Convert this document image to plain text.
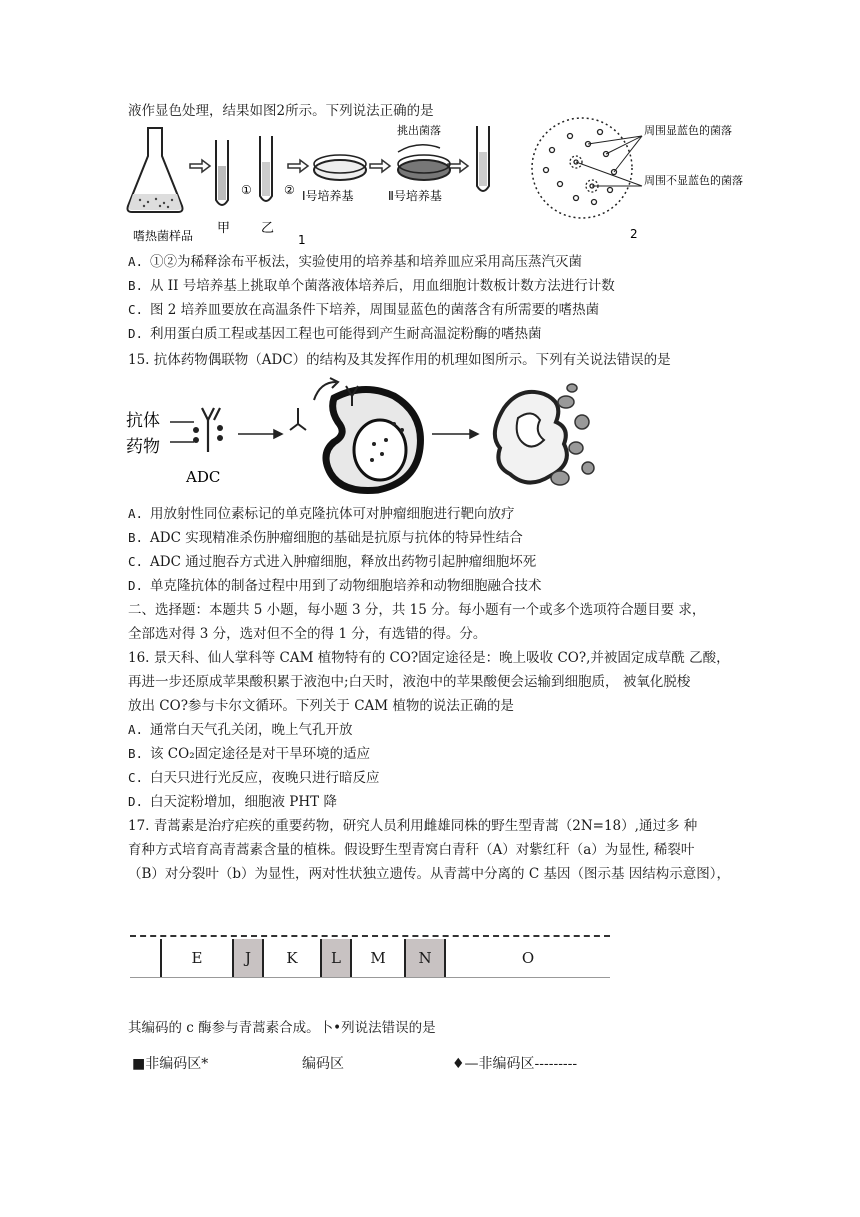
液作显色处理，结果如图2所示。下列说法正确的是
嗜热菌样品 甲 乙
①	② Ⅰ号培养基	Ⅱ号培养基
挑出菌落
1
周围显蓝色的菌落
周围不显蓝色的菌落
2
A. ①②为稀释涂布平板法，实验使用的培养基和培养皿应采用高压蒸汽灭菌
B. 从 II 号培养基上挑取单个菌落液体培养后，用血细胞计数板计数方法进行计数
C. 图 2 培养皿要放在高温条件下培养，周围显蓝色的菌落含有所需要的嗜热菌
D. 利用蛋白质工程或基因工程也可能得到产生耐高温淀粉酶的嗜热菌
15. 抗体药物偶联物（ADC）的结构及其发挥作用的机理如图所示。下列有关说法错误的是
抗体
药物
ADC
A. 用放射性同位素标记的单克隆抗体可对肿瘤细胞进行靶向放疗
B. ADC 实现精准杀伤肿瘤细胞的基础是抗原与抗体的特异性结合
C. ADC 通过胞吞方式进入肿瘤细胞，释放出药物引起肿瘤细胞坏死
D. 单克隆抗体的制备过程中用到了动物细胞培养和动物细胞融合技术
二、选择题：本题共 5 小题，每小题 3 分，共 15 分。每小题有一个或多个选项符合题目要 求，
全部选对得 3 分，选对但不全的得 1 分，有选错的得。分。
16. 景天科、仙人掌科等 CAM 植物特有的 CO?固定途径是：晚上吸收 CO?,并被固定成草酰 乙酸，
再进一步还原成苹果酸积累于液泡中;白天时，液泡中的苹果酸便会运输到细胞质， 被氧化脱梭
放出 CO?参与卡尔文循环。下列关于 CAM 植物的说法正确的是
A. 通常白天气孔关闭，晚上气孔开放
B. 该 CO₂固定途径是对干旱环境的适应
C. 白天只进行光反应，夜晚只进行暗反应
D. 白天淀粉增加，细胞液 PHT 降
17. 青蒿素是治疗疟疾的重要药物，研究人员利用雌雄同株的野生型青蒿（2N=18）,通过多 种
育种方式培育高青蒿素含量的植株。假设野生型青窝白青秆（A）对紫红秆（a）为显性, 稀裂叶
（B）对分裂叶（b）为显性，两对性状独立遗传。从青蒿中分离的 C 基因（图示基 因结构示意图），
E	J	K	L	M	N	O
其编码的 c 酶参与青蒿素合成。卜•列说法错误的是
■非编码区*	编码区	♦—非编码区---------
